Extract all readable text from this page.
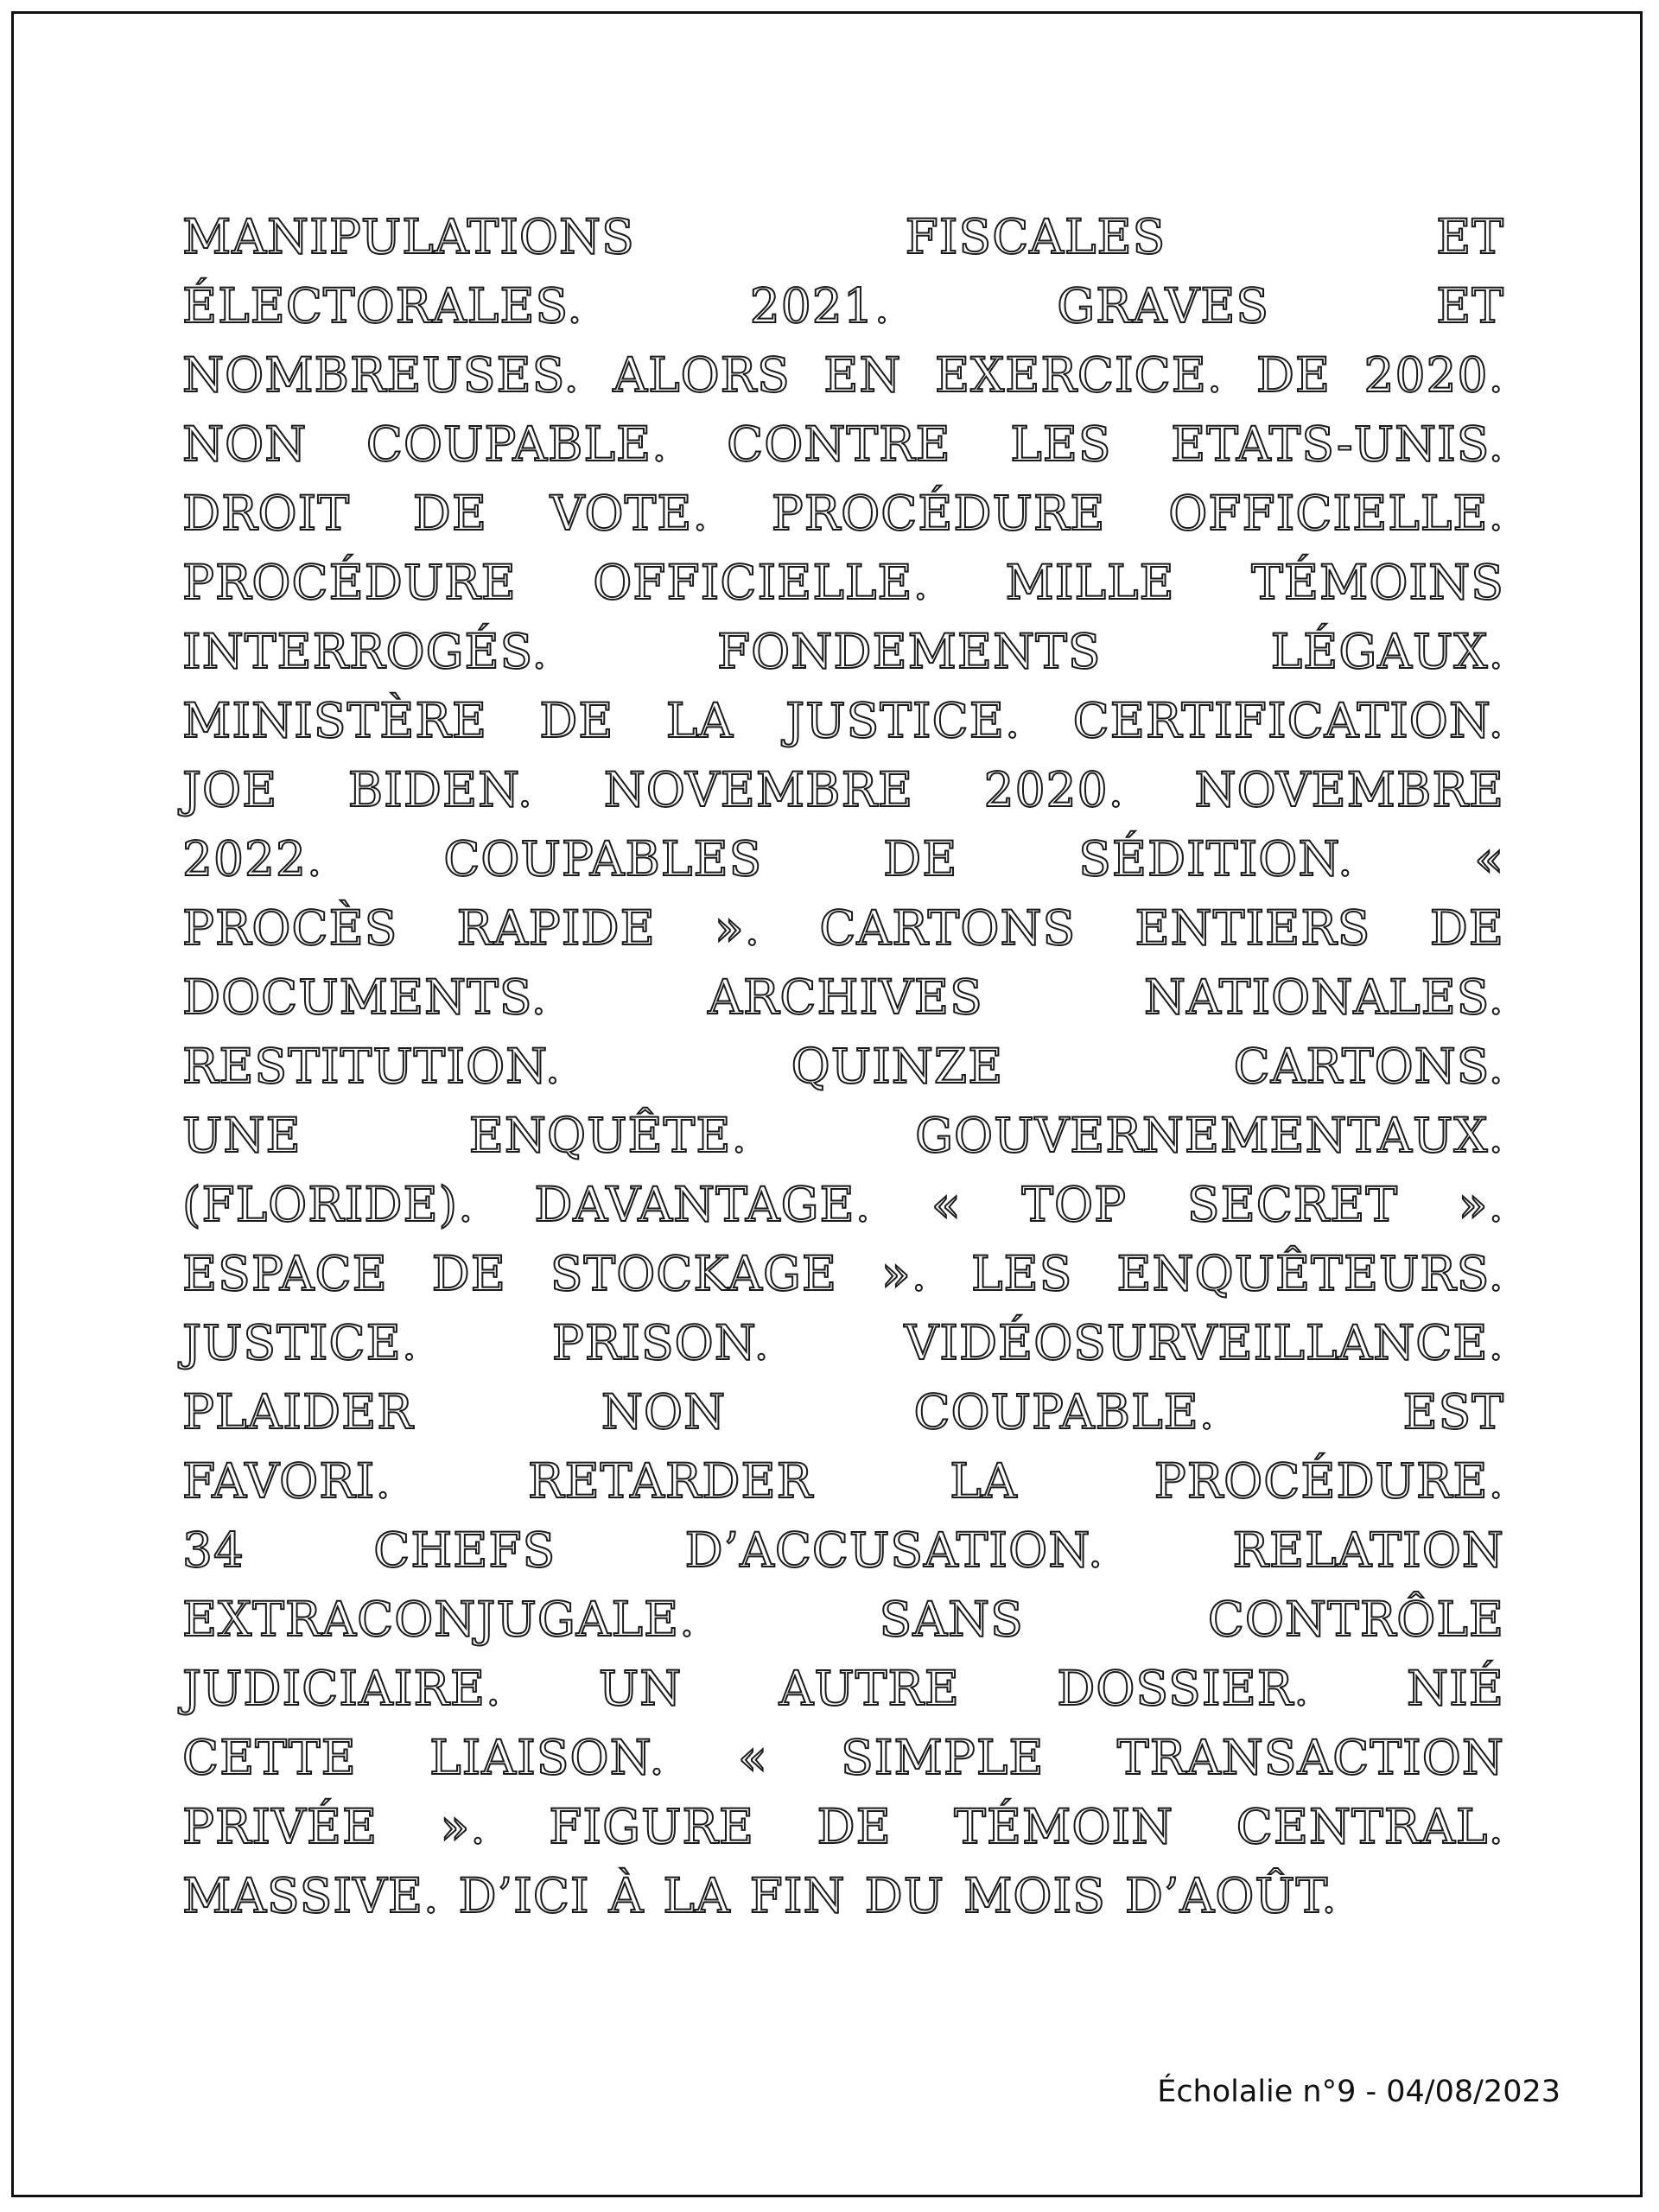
MANIPULATIONS	FISCALES	ET
ÉLECTORALES.	2021.	GRAVES	ET
NOMBREUSES. ALORS EN EXERCICE. DE 2020.
NON COUPABLE. CONTRE LES ETATS-UNIS.
DROIT DE VOTE. PROCÉDURE OFFICIELLE.
PROCÉDURE OFFICIELLE. MILLE TÉMOINS
INTERROGÉS.	FONDEMENTS	LÉGAUX.
MINISTÈRE DE LA JUSTICE. CERTIFICATION.
JOE BIDEN. NOVEMBRE 2020. NOVEMBRE
2022.	COUPABLES	DE	SÉDITION.	«
PROCÈS RAPIDE ». CARTONS ENTIERS DE
DOCUMENTS.	ARCHIVES	NATIONALES.
RESTITUTION.	QUINZE	CARTONS.
UNE	ENQUÊTE.	GOUVERNEMENTAUX.
(FLORIDE). DAVANTAGE. « TOP SECRET ».
ESPACE DE STOCKAGE ». LES ENQUÊTEURS.
JUSTICE.	PRISON.	VIDÉOSURVEILLANCE.
PLAIDER	NON	COUPABLE.	EST
FAVORI.	RETARDER	LA	PROCÉDURE.
34	CHEFS	D’ACCUSATION.	RELATION
EXTRACONJUGALE.	SANS	CONTRÔLE
JUDICIAIRE. UN AUTRE DOSSIER. NIÉ
CETTE LIAISON. « SIMPLE TRANSACTION
PRIVÉE ». FIGURE DE TÉMOIN CENTRAL.
MASSIVE. D’ICI À LA FIN DU MOIS D’AOÛT.
Écholalie n°9 - 04/08/2023
